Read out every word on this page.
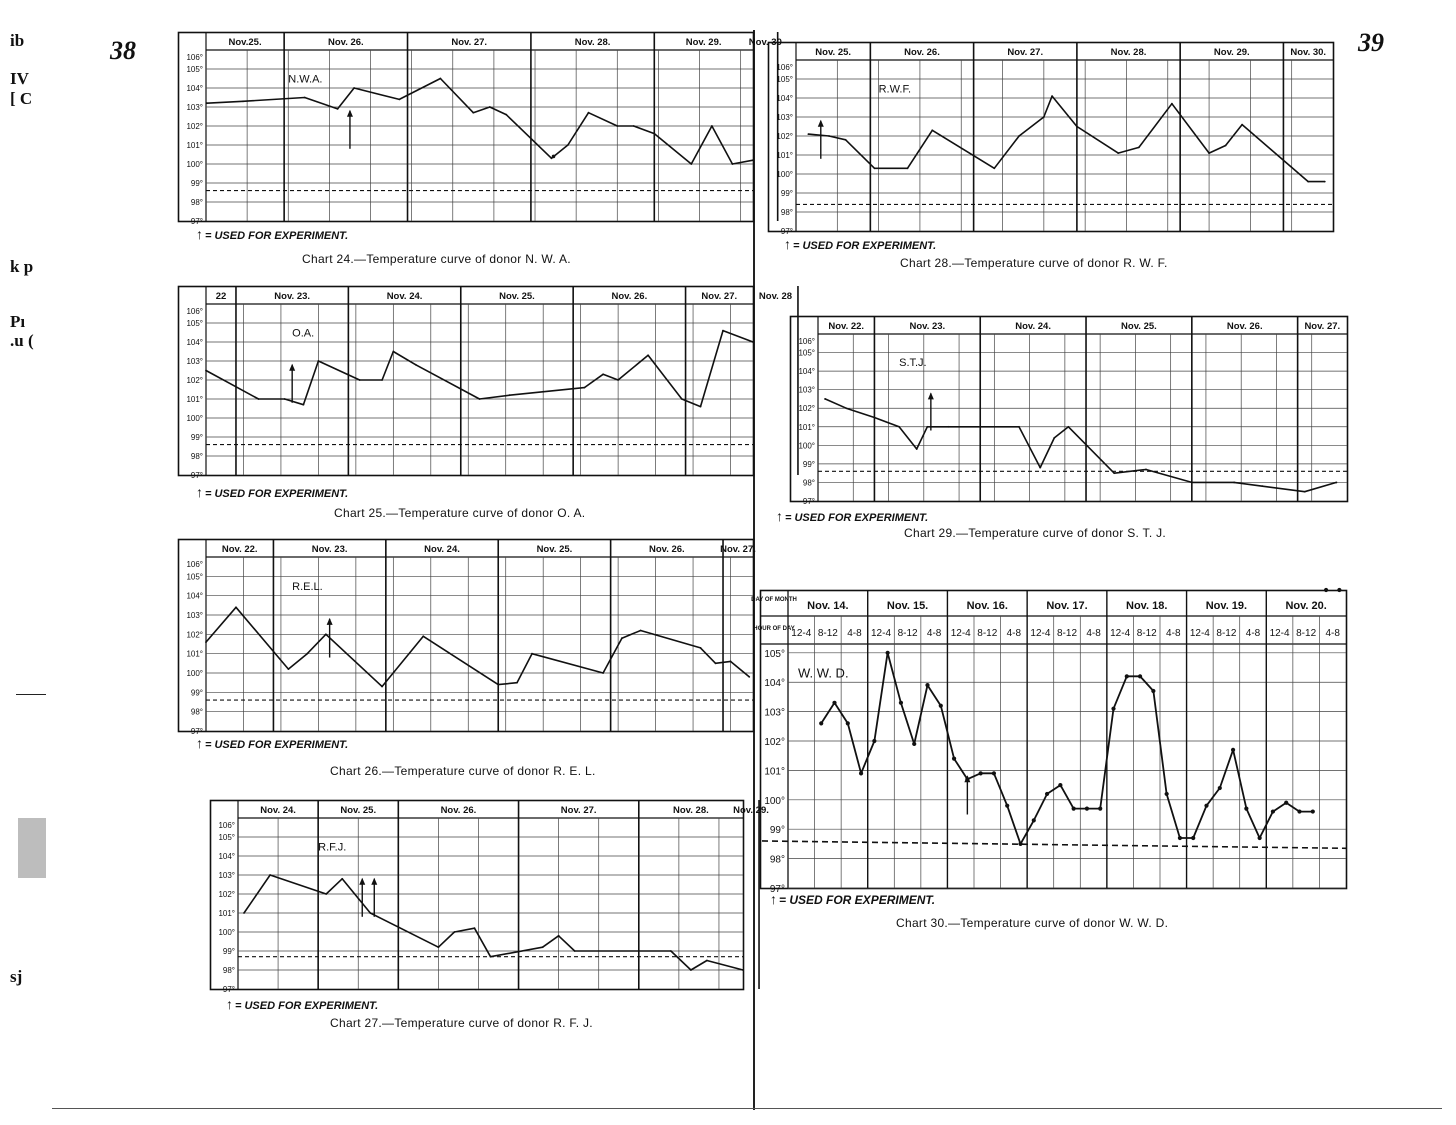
38	39
ib
IV
[ C
k p
Pı
.u (
sj
Nov.25.	Nov. 26.	Nov. 27.	Nov. 28.	Nov. 29.	Nov. 30
106°
105°
104°
103°
102°
101°
100°
99°
98°
97°
N.W.A.
↑ = USED FOR EXPERIMENT.
Chart 24.—Temperature curve of donor N. W. A.
22	Nov. 23.	Nov. 24.	Nov. 25.	Nov. 26.	Nov. 27. Nov. 28
106°
105°
104°
103°
102°
101°
100°
99°
98°
97°
O.A.
↑ = USED FOR EXPERIMENT.
Chart 25.—Temperature curve of donor O. A.
Nov. 22.	Nov. 23.	Nov. 24.	Nov. 25.	Nov. 26.	Nov. 27.
106°
105°
104°
103°
102°
101°
100°
99°
98°
97°
R.E.L.
↑ = USED FOR EXPERIMENT.
Chart 26.—Temperature curve of donor R. E. L.
Nov. 24.	Nov. 25.	Nov. 26.	Nov. 27.	Nov. 28.	Nov. 29.
106°
105°
104°
103°
102°
101°
100°
99°
98°
97°
R.F.J.
↑ = USED FOR EXPERIMENT.
Chart 27.—Temperature curve of donor R. F. J.
Nov. 25.	Nov. 26.	Nov. 27.	Nov. 28.	Nov. 29.	Nov. 30.
106°
105°
104°
103°
102°
101°
100°
99°
98°
97°
R.W.F.
↑ = USED FOR EXPERIMENT.
Chart 28.—Temperature curve of donor R. W. F.
Nov. 22.	Nov. 23.	Nov. 24.	Nov. 25.	Nov. 26.	Nov. 27.
106°
105°
104°
103°
102°
101°
100°
99°
98°
97°
S.T.J.
↑ = USED FOR EXPERIMENT.
Chart 29.—Temperature curve of donor S. T. J.
Nov. 14.	Nov. 15.	Nov. 16.	Nov. 17.	Nov. 18.	Nov. 19.	Nov. 20.
12-4 8-12 4-8 12-4 8-12 4-8 12-4 8-12 4-8 12-4 8-12 4-8 12-4 8-12 4-8 12-4 8-12 4-8 12-4 8-12 4-8
DAY OF MONTH
HOUR OF DAY
105°
104°
103°
102°
101°
100°
99°
98°
97°
W. W. D.
↑ = USED FOR EXPERIMENT.
Chart 30.—Temperature curve of donor W. W. D.
